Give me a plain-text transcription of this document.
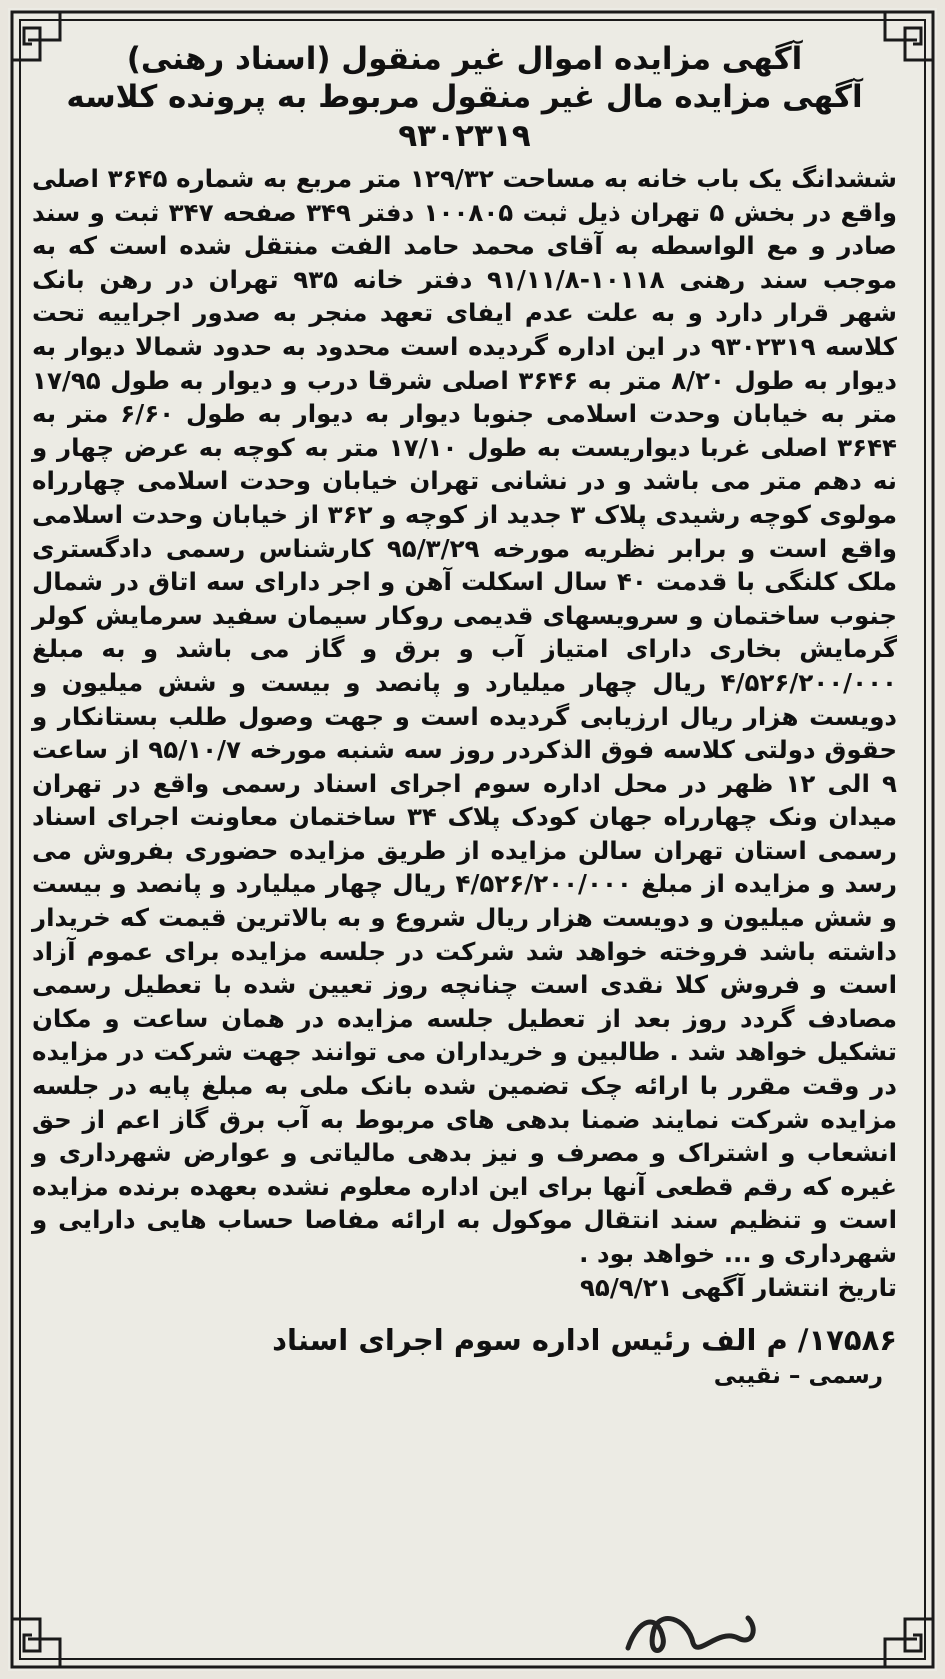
آگهی مزایده اموال غیر منقول (اسناد رهنی)

آگهی مزایده مال غیر منقول مربوط به پرونده کلاسه

۹۳۰۲۳۱۹

ششدانگ یک باب خانه به مساحت ۱۲۹/۳۲ متر مربع به شماره ۳۶۴۵ اصلی واقع در بخش ۵ تهران ذیل ثبت ۱۰۰۸۰۵ دفتر ۳۴۹ صفحه ۳۴۷ ثبت و سند صادر و مع الواسطه به آقای محمد حامد الفت منتقل شده است که به موجب سند رهنی ۱۰۱۱۸-۹۱/۱۱/۸ دفتر خانه ۹۳۵ تهران در رهن بانک شهر قرار دارد و به علت عدم ایفای تعهد منجر به صدور اجراییه تحت کلاسه ۹۳۰۲۳۱۹ در این اداره گردیده است محدود به حدود شمالا دیوار به دیوار به طول ۸/۲۰ متر به ۳۶۴۶ اصلی شرقا درب و دیوار به طول ۱۷/۹۵ متر به خیابان وحدت اسلامی جنوبا دیوار به دیوار به طول ۶/۶۰ متر به ۳۶۴۴ اصلی غربا دیواریست به طول ۱۷/۱۰ متر به کوچه به عرض چهار و نه دهم متر می باشد و در نشانی تهران خیابان وحدت اسلامی چهارراه مولوی کوچه رشیدی پلاک ۳ جدید از کوچه و ۳۶۲ از خیابان وحدت اسلامی واقع است و برابر نظریه مورخه ۹۵/۳/۲۹ کارشناس رسمی دادگستری ملک کلنگی با قدمت ۴۰ سال اسکلت آهن و اجر دارای سه اتاق در شمال جنوب ساختمان و سرویسهای قدیمی روکار سیمان سفید سرمایش کولر گرمایش بخاری دارای امتیاز آب و برق و گاز می باشد و به مبلغ ۴/۵۲۶/۲۰۰/۰۰۰ ریال چهار میلیارد و پانصد و بیست و شش میلیون و دویست هزار ریال ارزیابی گردیده است و جهت وصول طلب بستانکار و حقوق دولتی کلاسه فوق الذکردر روز سه شنبه مورخه ۹۵/۱۰/۷ از ساعت ۹ الی ۱۲ ظهر در محل اداره سوم اجرای اسناد رسمی واقع در تهران میدان ونک چهارراه جهان کودک پلاک ۳۴ ساختمان معاونت اجرای اسناد رسمی استان تهران سالن مزایده از طریق مزایده حضوری بفروش می رسد و مزایده از مبلغ ۴/۵۲۶/۲۰۰/۰۰۰ ریال چهار میلیارد و پانصد و بیست و شش میلیون و دویست هزار ریال شروع و به بالاترین قیمت که خریدار داشته باشد فروخته خواهد شد شرکت در جلسه مزایده برای عموم آزاد است و فروش کلا نقدی است چنانچه روز تعیین شده با تعطیل رسمی مصادف گردد روز بعد از تعطیل جلسه مزایده در همان ساعت و مکان تشکیل خواهد شد . طالبین و خریداران می توانند جهت شرکت در مزایده در وقت مقرر با ارائه چک تضمین شده بانک ملی به مبلغ پایه در جلسه مزایده شرکت نمایند ضمنا بدهی های مربوط به آب برق گاز اعم از حق انشعاب و اشتراک و مصرف و نیز بدهی مالیاتی و عوارض شهرداری و غیره که رقم قطعی آنها برای این اداره معلوم نشده بعهده برنده مزایده است و تنظیم سند انتقال موکول به ارائه مفاصا حساب هایی دارایی و شهرداری و ... خواهد بود .

تاریخ انتشار آگهی ۹۵/۹/۲۱

۱۷۵۸۶/ م الف رئیس اداره سوم اجرای اسناد

رسمی – نقیبی
